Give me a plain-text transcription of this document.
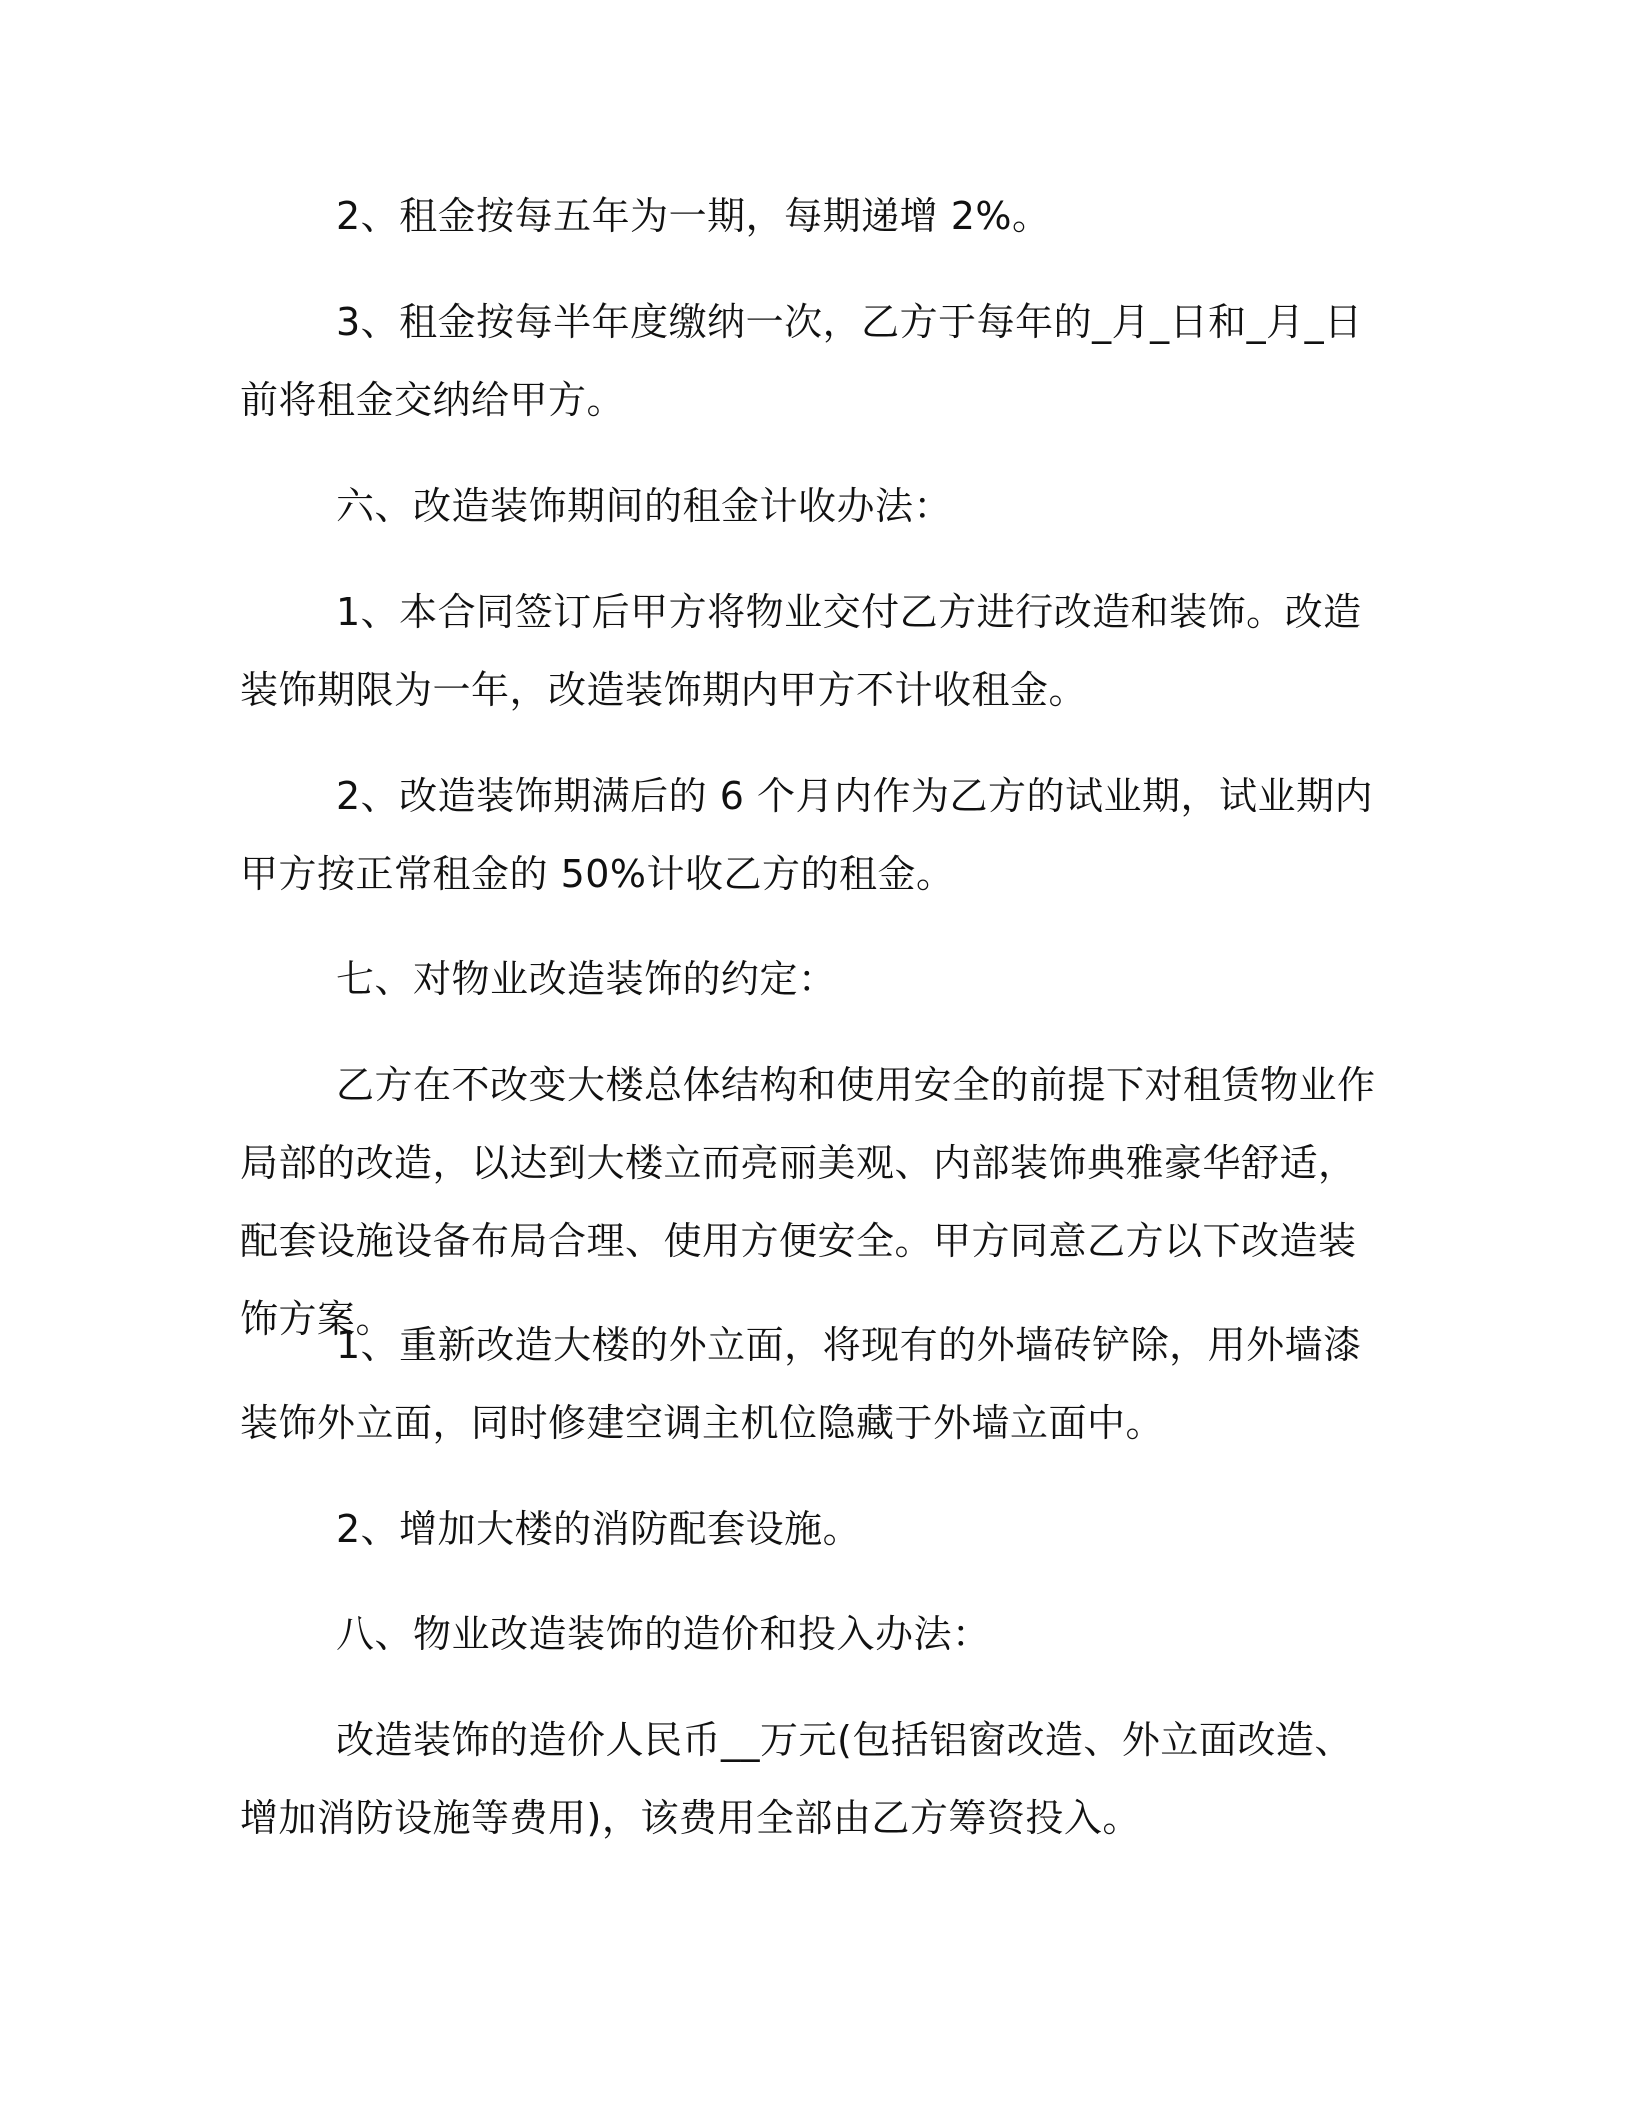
2、租金按每五年为一期，每期递增 2%。

3、租金按每半年度缴纳一次，乙方于每年的_月_日和_月_日前将租金交纳给甲方。

六、改造装饰期间的租金计收办法：

1、本合同签订后甲方将物业交付乙方进行改造和装饰。改造装饰期限为一年，改造装饰期内甲方不计收租金。

2、改造装饰期满后的 6 个月内作为乙方的试业期，试业期内甲方按正常租金的 50%计收乙方的租金。

七、对物业改造装饰的约定：

乙方在不改变大楼总体结构和使用安全的前提下对租赁物业作局部的改造，以达到大楼立而亮丽美观、内部装饰典雅豪华舒适，配套设施设备布局合理、使用方便安全。甲方同意乙方以下改造装饰方案。

1、重新改造大楼的外立面，将现有的外墙砖铲除，用外墙漆装饰外立面，同时修建空调主机位隐藏于外墙立面中。

2、增加大楼的消防配套设施。

八、物业改造装饰的造价和投入办法：

改造装饰的造价人民币__万元(包括铝窗改造、外立面改造、增加消防设施等费用)，该费用全部由乙方筹资投入。
